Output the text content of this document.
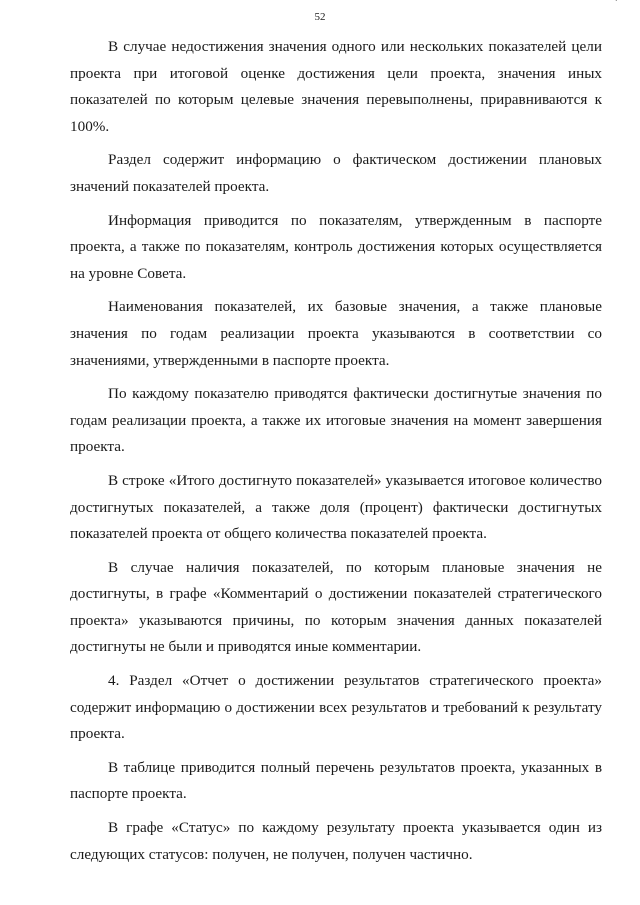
·
52

В случае недостижения значения одного или нескольких показателей цели проекта при итоговой оценке достижения цели проекта, значения иных показателей по которым целевые значения перевыполнены, приравниваются к 100%.

Раздел содержит информацию о фактическом достижении плановых значений показателей проекта.

Информация приводится по показателям, утвержденным в паспорте проекта, а также по показателям, контроль достижения которых осуществляется на уровне Совета.

Наименования показателей, их базовые значения, а также плановые значения по годам реализации проекта указываются в соответствии со значениями, утвержденными в паспорте проекта.

По каждому показателю приводятся фактически достигнутые значения по годам реализации проекта, а также их итоговые значения на момент завершения проекта.

В строке «Итого достигнуто показателей» указывается итоговое количество достигнутых показателей, а также доля (процент) фактически достигнутых показателей проекта от общего количества показателей проекта.

В случае наличия показателей, по которым плановые значения не достигнуты, в графе «Комментарий о достижении показателей стратегического проекта» указываются причины, по которым значения данных показателей достигнуты не были и приводятся иные комментарии.

4. Раздел «Отчет о достижении результатов стратегического проекта» содержит информацию о достижении всех результатов и требований к результату проекта.

В таблице приводится полный перечень результатов проекта, указанных в паспорте проекта.

В графе «Статус» по каждому результату проекта указывается один из следующих статусов: получен, не получен, получен частично.
